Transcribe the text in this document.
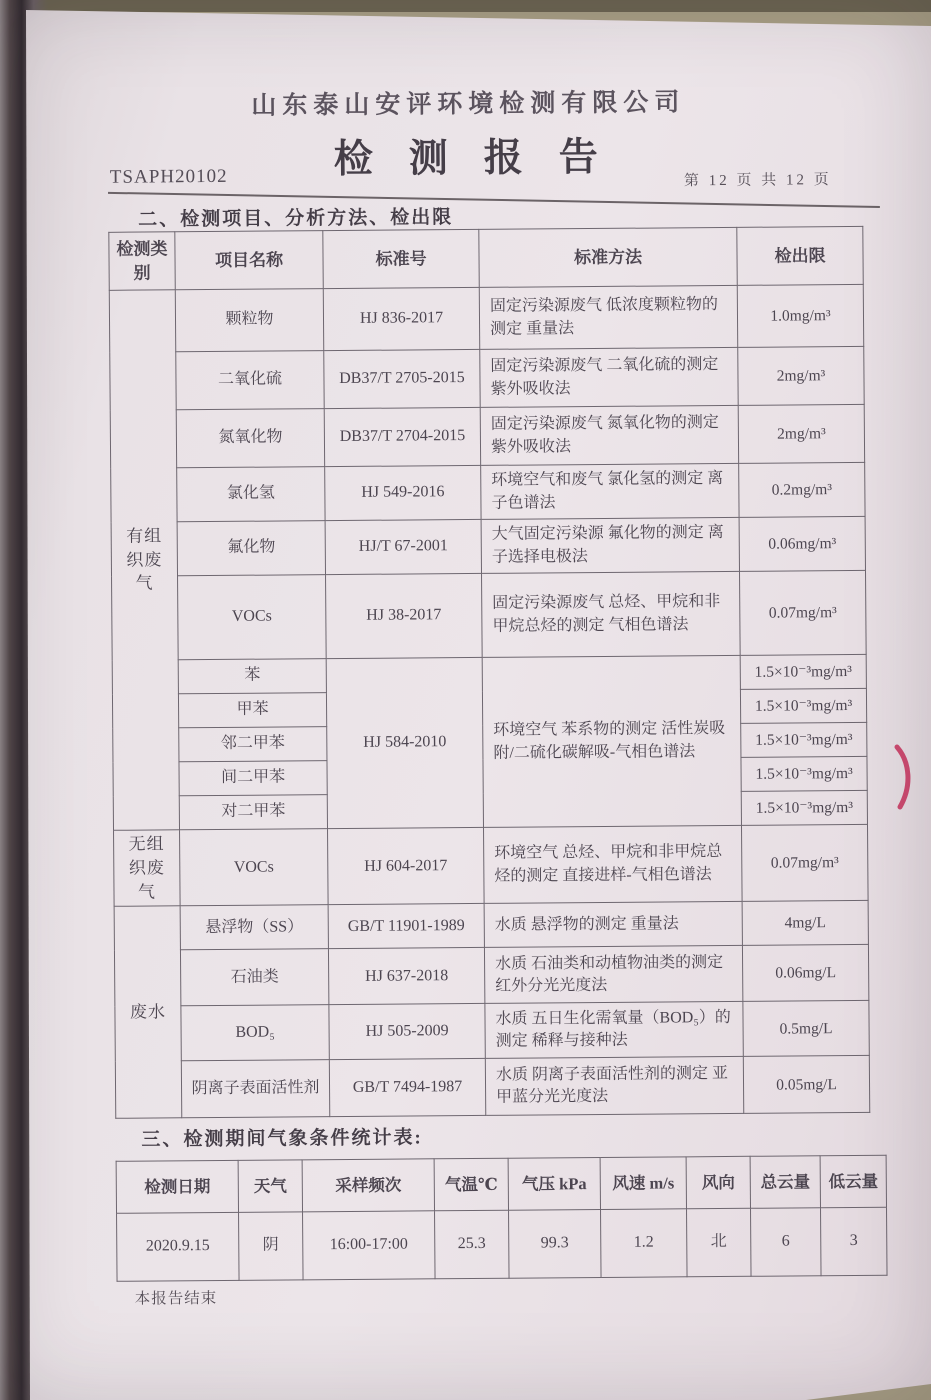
山东泰山安评环境检测有限公司
检测报告
TSAPH20102	第 12 页 共 12 页
二、检测项目、分析方法、检出限
检测类别	项目名称	标准号	标准方法	检出限
有组织废气	颗粒物	HJ 836-2017	固定污染源废气 低浓度颗粒物的测定 重量法	1.0mg/m³
	二氧化硫	DB37/T 2705-2015	固定污染源废气 二氧化硫的测定 紫外吸收法	2mg/m³
	氮氧化物	DB37/T 2704-2015	固定污染源废气 氮氧化物的测定 紫外吸收法	2mg/m³
	氯化氢	HJ 549-2016	环境空气和废气 氯化氢的测定 离子色谱法	0.2mg/m³
	氟化物	HJ/T 67-2001	大气固定污染源 氟化物的测定 离子选择电极法	0.06mg/m³
	VOCs	HJ 38-2017	固定污染源废气 总烃、甲烷和非甲烷总烃的测定 气相色谱法	0.07mg/m³
	苯	HJ 584-2010	环境空气 苯系物的测定 活性炭吸附/二硫化碳解吸-气相色谱法	1.5×10⁻³mg/m³
	甲苯			1.5×10⁻³mg/m³
	邻二甲苯			1.5×10⁻³mg/m³
	间二甲苯			1.5×10⁻³mg/m³
	对二甲苯			1.5×10⁻³mg/m³
无组织废气	VOCs	HJ 604-2017	环境空气 总烃、甲烷和非甲烷总烃的测定 直接进样-气相色谱法	0.07mg/m³
废水	悬浮物（SS）	GB/T 11901-1989	水质 悬浮物的测定 重量法	4mg/L
	石油类	HJ 637-2018	水质 石油类和动植物油类的测定 红外分光光度法	0.06mg/L
	BOD₅	HJ 505-2009	水质 五日生化需氧量（BOD₅）的测定 稀释与接种法	0.5mg/L
	阴离子表面活性剂	GB/T 7494-1987	水质 阴离子表面活性剂的测定 亚甲蓝分光光度法	0.05mg/L
三、检测期间气象条件统计表:
检测日期	天气	采样频次	气温℃	气压 kPa	风速 m/s	风向	总云量	低云量
2020.9.15	阴	16:00-17:00	25.3	99.3	1.2	北	6	3
本报告结束
